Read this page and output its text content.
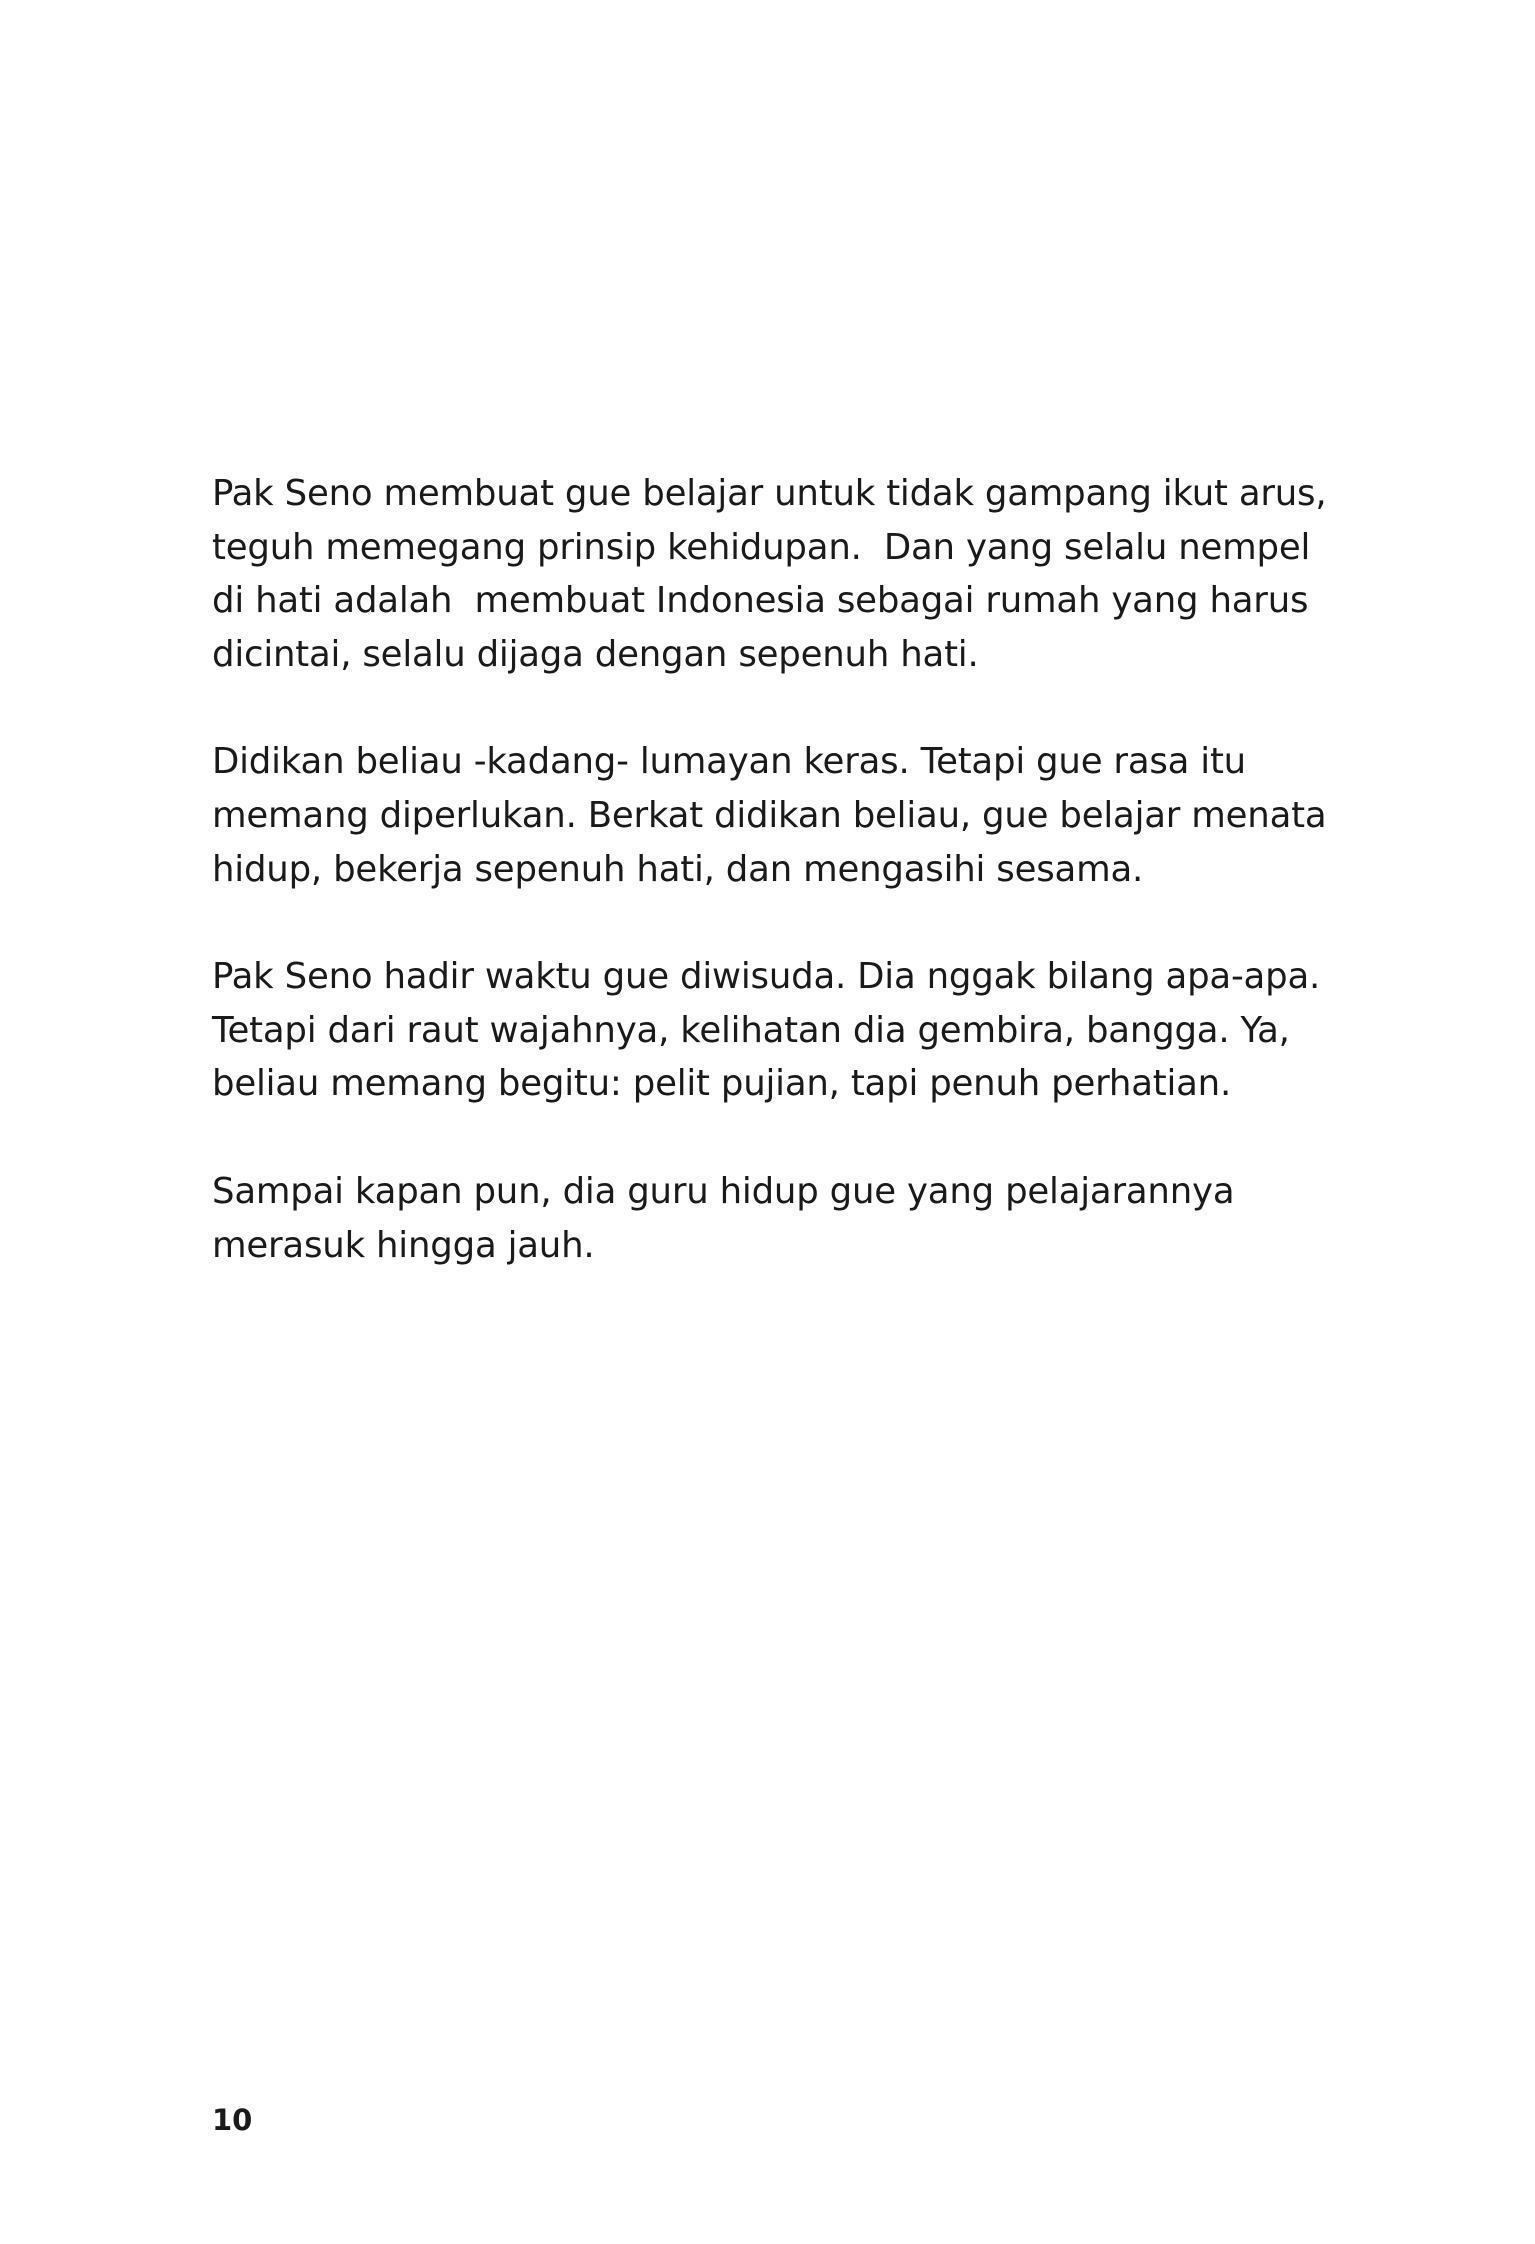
Pak Seno membuat gue belajar untuk tidak gampang ikut arus,
teguh memegang prinsip kehidupan.  Dan yang selalu nempel
di hati adalah  membuat Indonesia sebagai rumah yang harus
dicintai, selalu dijaga dengan sepenuh hati.

Didikan beliau -kadang- lumayan keras. Tetapi gue rasa itu
memang diperlukan. Berkat didikan beliau, gue belajar menata
hidup, bekerja sepenuh hati, dan mengasihi sesama.

Pak Seno hadir waktu gue diwisuda. Dia nggak bilang apa-apa.
Tetapi dari raut wajahnya, kelihatan dia gembira, bangga. Ya,
beliau memang begitu: pelit pujian, tapi penuh perhatian.

Sampai kapan pun, dia guru hidup gue yang pelajarannya
merasuk hingga jauh.

10
